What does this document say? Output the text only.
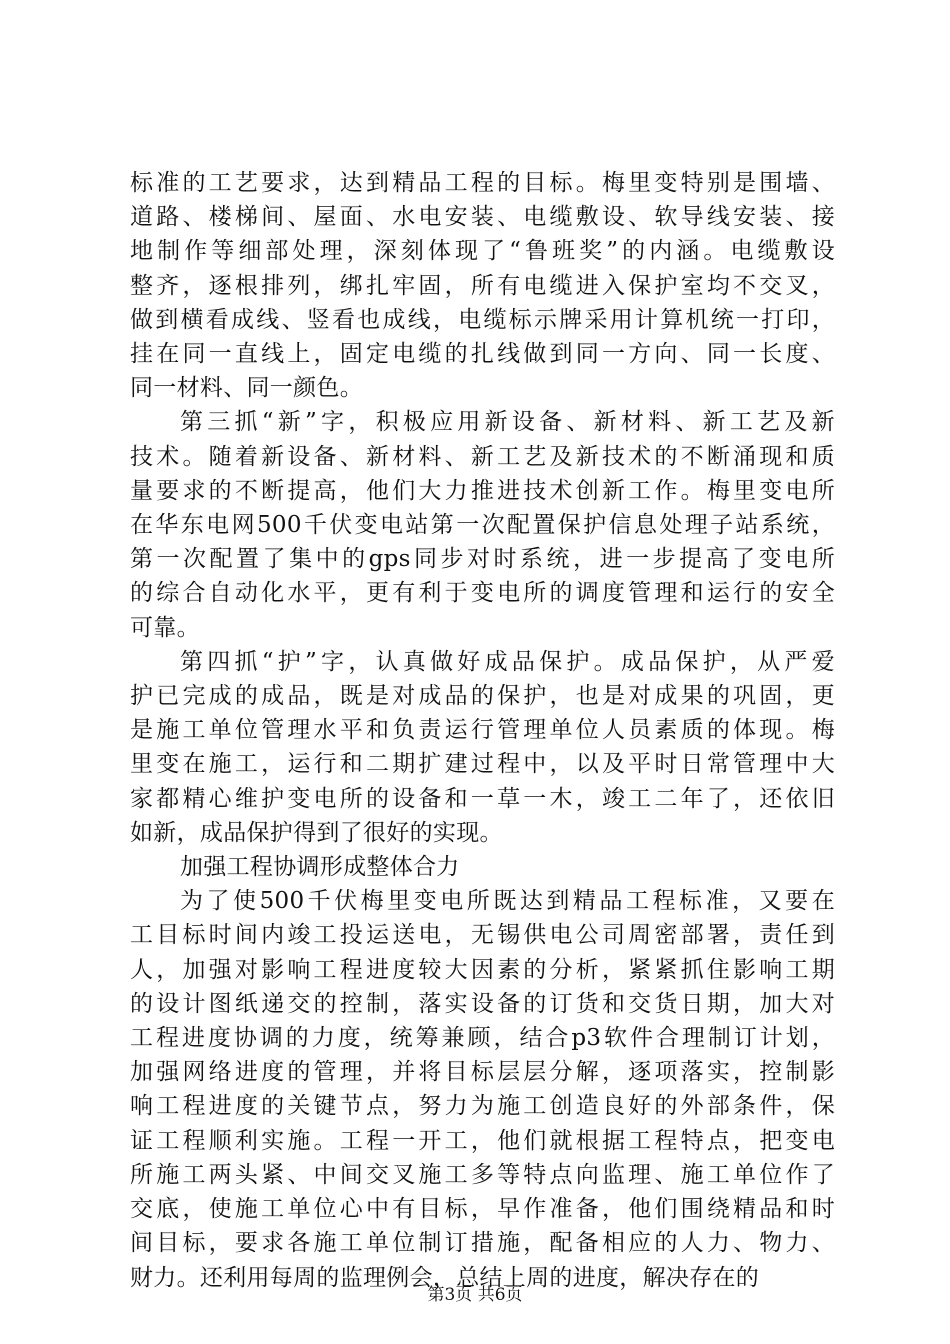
标准的工艺要求，达到精品工程的目标。梅里变特别是围墙、
道路、楼梯间、屋面、水电安装、电缆敷设、软导线安装、接
地制作等细部处理，深刻体现了“鲁班奖”的内涵。电缆敷设
整齐，逐根排列，绑扎牢固，所有电缆进入保护室均不交叉，
做到横看成线、竖看也成线，电缆标示牌采用计算机统一打印，
挂在同一直线上，固定电缆的扎线做到同一方向、同一长度、
同一材料、同一颜色。
第三抓“新”字，积极应用新设备、新材料、新工艺及新
技术。随着新设备、新材料、新工艺及新技术的不断涌现和质
量要求的不断提高，他们大力推进技术创新工作。梅里变电所
在华东电网500千伏变电站第一次配置保护信息处理子站系统，
第一次配置了集中的gps同步对时系统，进一步提高了变电所
的综合自动化水平，更有利于变电所的调度管理和运行的安全
可靠。
第四抓“护”字，认真做好成品保护。成品保护，从严爱
护已完成的成品，既是对成品的保护，也是对成果的巩固，更
是施工单位管理水平和负责运行管理单位人员素质的体现。梅
里变在施工，运行和二期扩建过程中，以及平时日常管理中大
家都精心维护变电所的设备和一草一木，竣工二年了，还依旧
如新，成品保护得到了很好的实现。
加强工程协调形成整体合力
为了使500千伏梅里变电所既达到精品工程标准，又要在
工目标时间内竣工投运送电，无锡供电公司周密部署，责任到
人，加强对影响工程进度较大因素的分析，紧紧抓住影响工期
的设计图纸递交的控制，落实设备的订货和交货日期，加大对
工程进度协调的力度，统筹兼顾，结合p3软件合理制订计划，
加强网络进度的管理，并将目标层层分解，逐项落实，控制影
响工程进度的关键节点，努力为施工创造良好的外部条件，保
证工程顺利实施。工程一开工，他们就根据工程特点，把变电
所施工两头紧、中间交叉施工多等特点向监理、施工单位作了
交底，使施工单位心中有目标，早作准备，他们围绕精品和时
间目标，要求各施工单位制订措施，配备相应的人力、物力、
财力。还利用每周的监理例会，总结上周的进度，解决存在的
第3页 共6页
